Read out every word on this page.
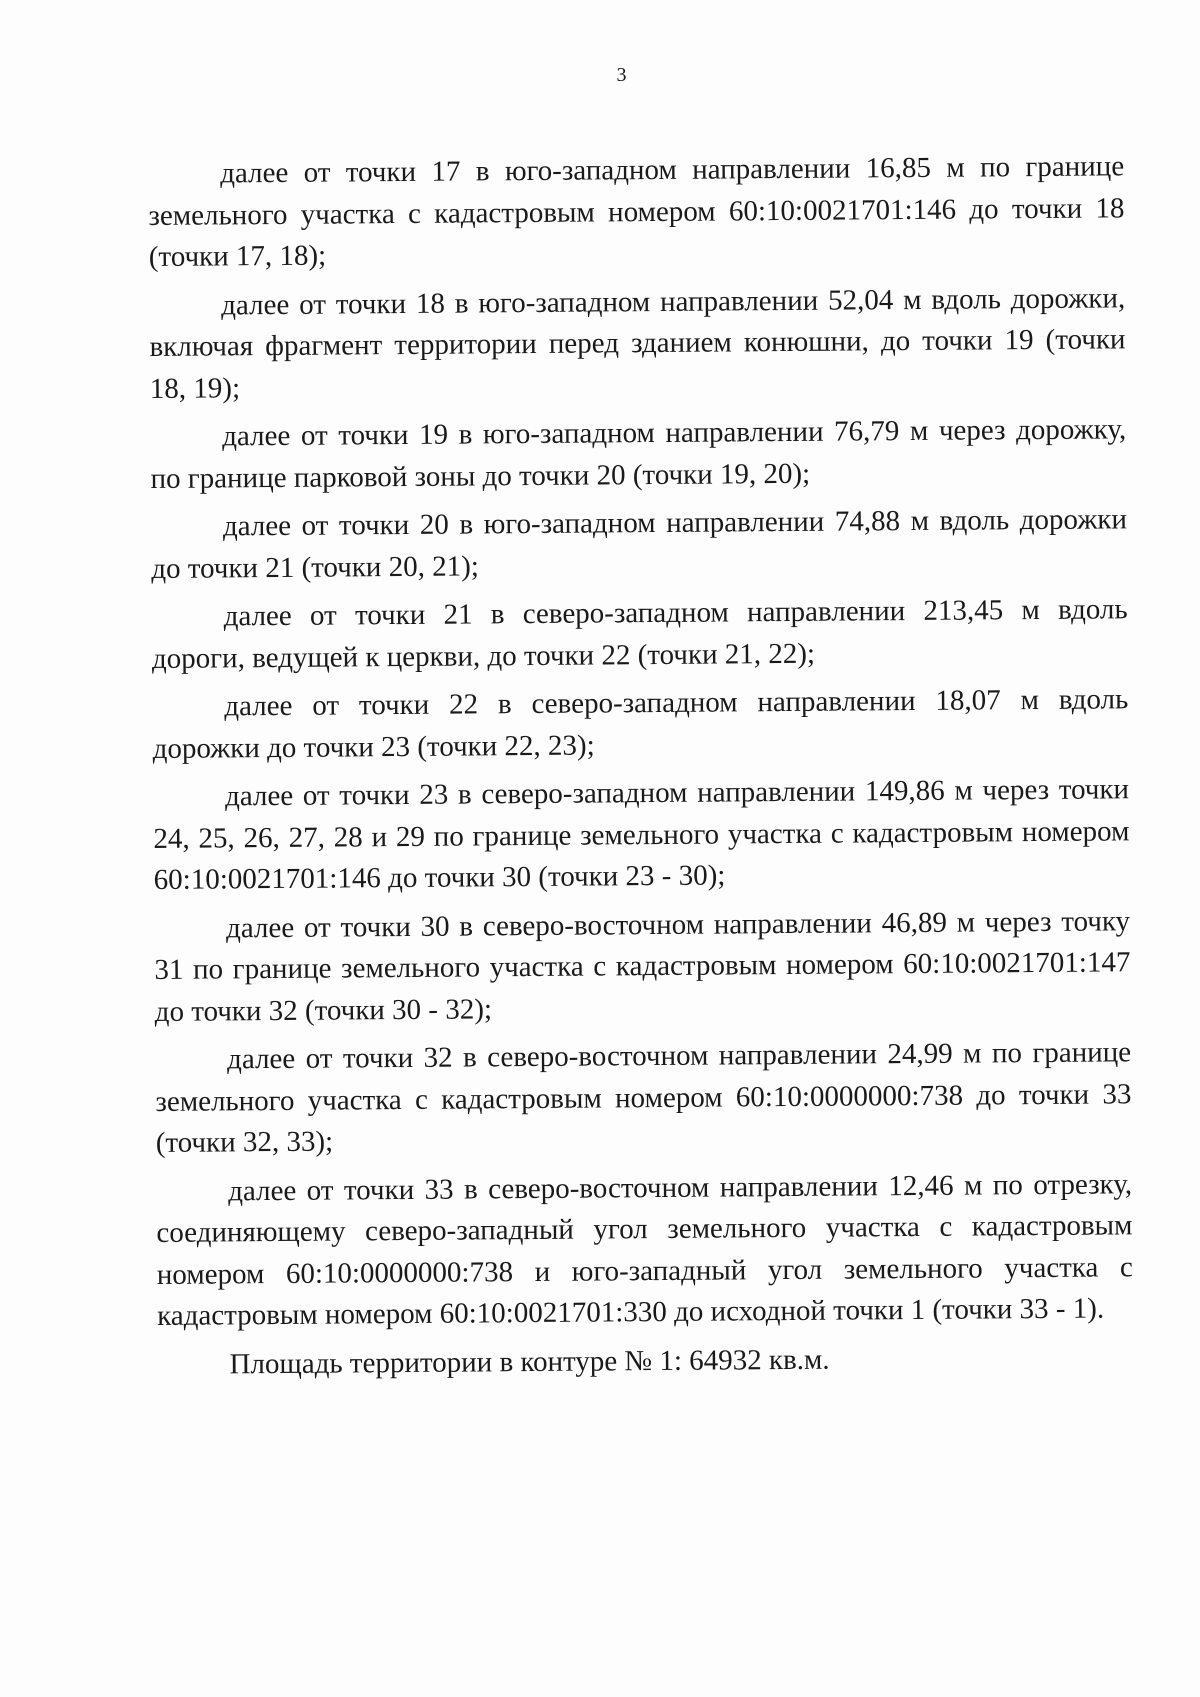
3

далее от точки 17 в юго-западном направлении 16,85 м по границе земельного участка с кадастровым номером 60:10:0021701:146 до точки 18 (точки 17, 18);

далее от точки 18 в юго-западном направлении 52,04 м вдоль дорожки, включая фрагмент территории перед зданием конюшни, до точки 19 (точки 18, 19);

далее от точки 19 в юго-западном направлении 76,79 м через дорожку, по границе парковой зоны до точки 20 (точки 19, 20);

далее от точки 20 в юго-западном направлении 74,88 м вдоль дорожки до точки 21 (точки 20, 21);

далее от точки 21 в северо-западном направлении 213,45 м вдоль дороги, ведущей к церкви, до точки 22 (точки 21, 22);

далее от точки 22 в северо-западном направлении 18,07 м вдоль дорожки до точки 23 (точки 22, 23);

далее от точки 23 в северо-западном направлении 149,86 м через точки 24, 25, 26, 27, 28 и 29 по границе земельного участка с кадастровым номером 60:10:0021701:146 до точки 30 (точки 23 - 30);

далее от точки 30 в северо-восточном направлении 46,89 м через точку 31 по границе земельного участка с кадастровым номером 60:10:0021701:147 до точки 32 (точки 30 - 32);

далее от точки 32 в северо-восточном направлении 24,99 м по границе земельного участка с кадастровым номером 60:10:0000000:738 до точки 33 (точки 32, 33);

далее от точки 33 в северо-восточном направлении 12,46 м по отрезку, соединяющему северо-западный угол земельного участка с кадастровым номером 60:10:0000000:738 и юго-западный угол земельного участка с кадастровым номером 60:10:0021701:330 до исходной точки 1 (точки 33 - 1).

Площадь территории в контуре № 1: 64932 кв.м.
